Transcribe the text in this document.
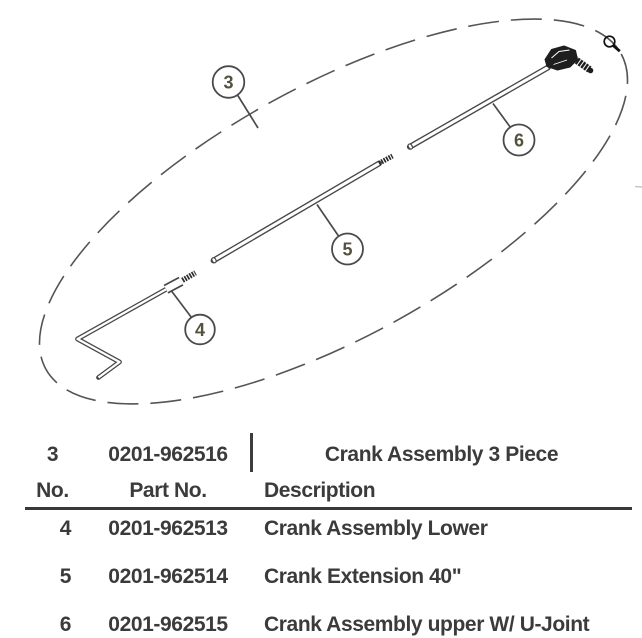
3
4
5
6
3	0201-962516	Crank Assembly 3 Piece
No.	Part No.	Description
4 0201-962513 Crank Assembly Lower
5 0201-962514 Crank Extension 40"
6 0201-962515 Crank Assembly upper W/ U-Joint
